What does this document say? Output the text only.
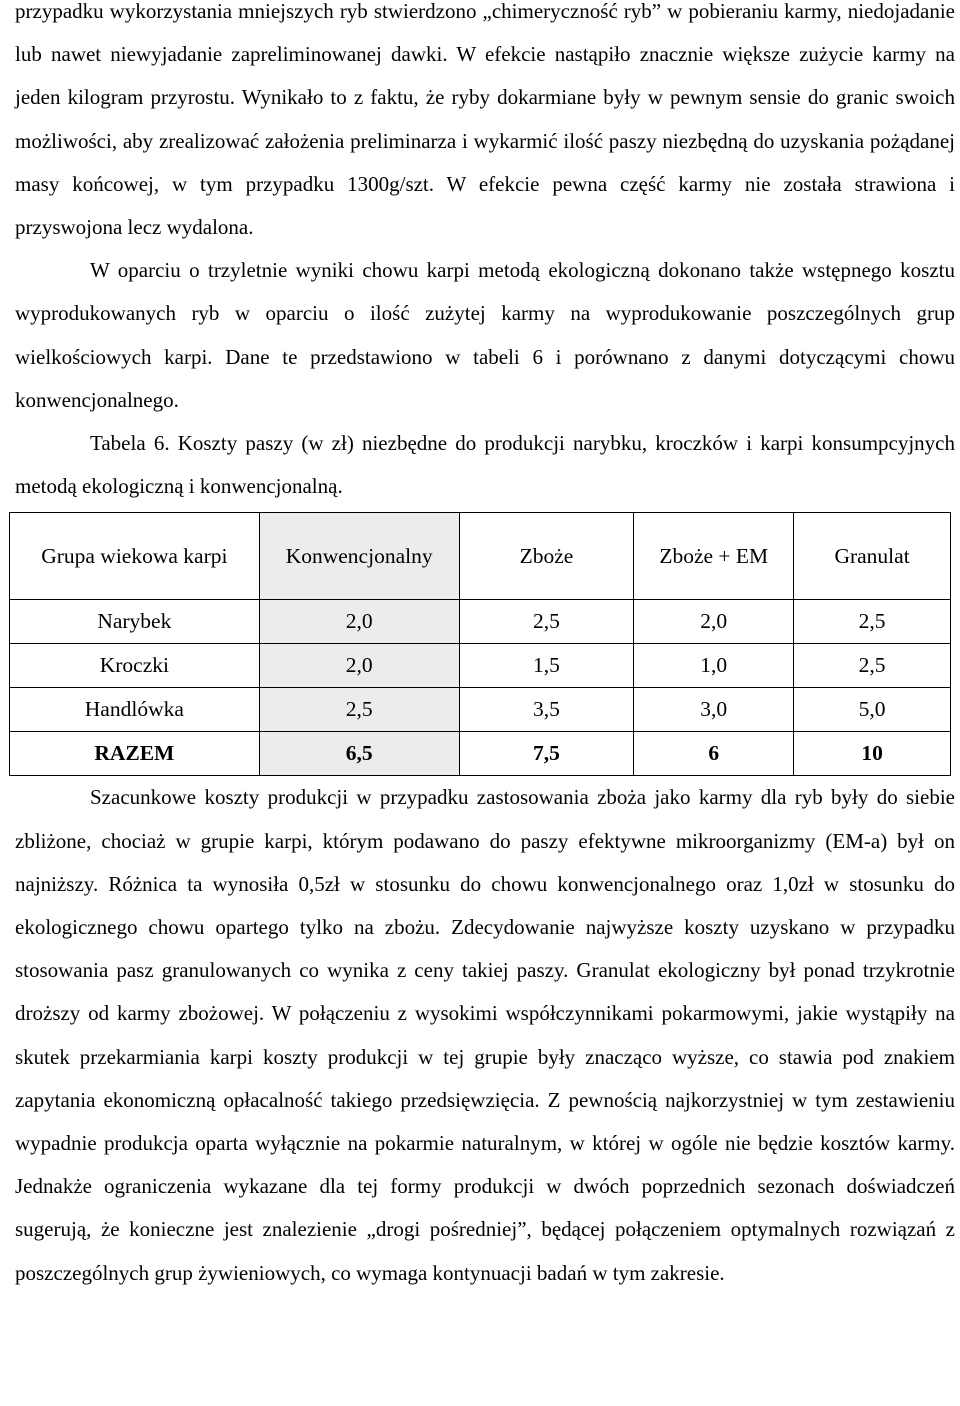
przypadku wykorzystania mniejszych ryb stwierdzono „chimeryczność ryb” w pobieraniu karmy, niedojadanie lub nawet niewyjadanie zapreliminowanej dawki. W efekcie nastąpiło znacznie większe zużycie karmy na jeden kilogram przyrostu. Wynikało to z faktu, że ryby dokarmiane były w pewnym sensie do granic swoich możliwości, aby zrealizować założenia preliminarza i wykarmić ilość paszy niezbędną do uzyskania pożądanej masy końcowej, w tym przypadku 1300g/szt. W efekcie pewna część karmy nie została strawiona i przyswojona lecz wydalona.

W oparciu o trzyletnie wyniki chowu karpi metodą ekologiczną dokonano także wstępnego kosztu wyprodukowanych ryb w oparciu o ilość zużytej karmy na wyprodukowanie poszczególnych grup wielkościowych karpi. Dane te przedstawiono w tabeli 6 i porównano z danymi dotyczącymi chowu konwencjonalnego.

Tabela 6. Koszty paszy (w zł) niezbędne do produkcji narybku, kroczków i karpi konsumpcyjnych metodą ekologiczną i konwencjonalną.

Grupa wiekowa karpi	Konwencjonalny	Zboże	Zboże + EM	Granulat
Narybek	2,0	2,5	2,0	2,5
Kroczki	2,0	1,5	1,0	2,5
Handlówka	2,5	3,5	3,0	5,0
RAZEM	6,5	7,5	6	10

Szacunkowe koszty produkcji w przypadku zastosowania zboża jako karmy dla ryb były do siebie zbliżone, chociaż w grupie karpi, którym podawano do paszy efektywne mikroorganizmy (EM-a) był on najniższy. Różnica ta wynosiła 0,5zł w stosunku do chowu konwencjonalnego oraz 1,0zł w stosunku do ekologicznego chowu opartego tylko na zbożu. Zdecydowanie najwyższe koszty uzyskano w przypadku stosowania pasz granulowanych co wynika z ceny takiej paszy. Granulat ekologiczny był ponad trzykrotnie droższy od karmy zbożowej. W połączeniu z wysokimi współczynnikami pokarmowymi, jakie wystąpiły na skutek przekarmiania karpi koszty produkcji w tej grupie były znacząco wyższe, co stawia pod znakiem zapytania ekonomiczną opłacalność takiego przedsięwzięcia. Z pewnością najkorzystniej w tym zestawieniu wypadnie produkcja oparta wyłącznie na pokarmie naturalnym, w której w ogóle nie będzie kosztów karmy. Jednakże ograniczenia wykazane dla tej formy produkcji w dwóch poprzednich sezonach doświadczeń sugerują, że konieczne jest znalezienie „drogi pośredniej”, będącej połączeniem optymalnych rozwiązań z poszczególnych grup żywieniowych, co wymaga kontynuacji badań w tym zakresie.
